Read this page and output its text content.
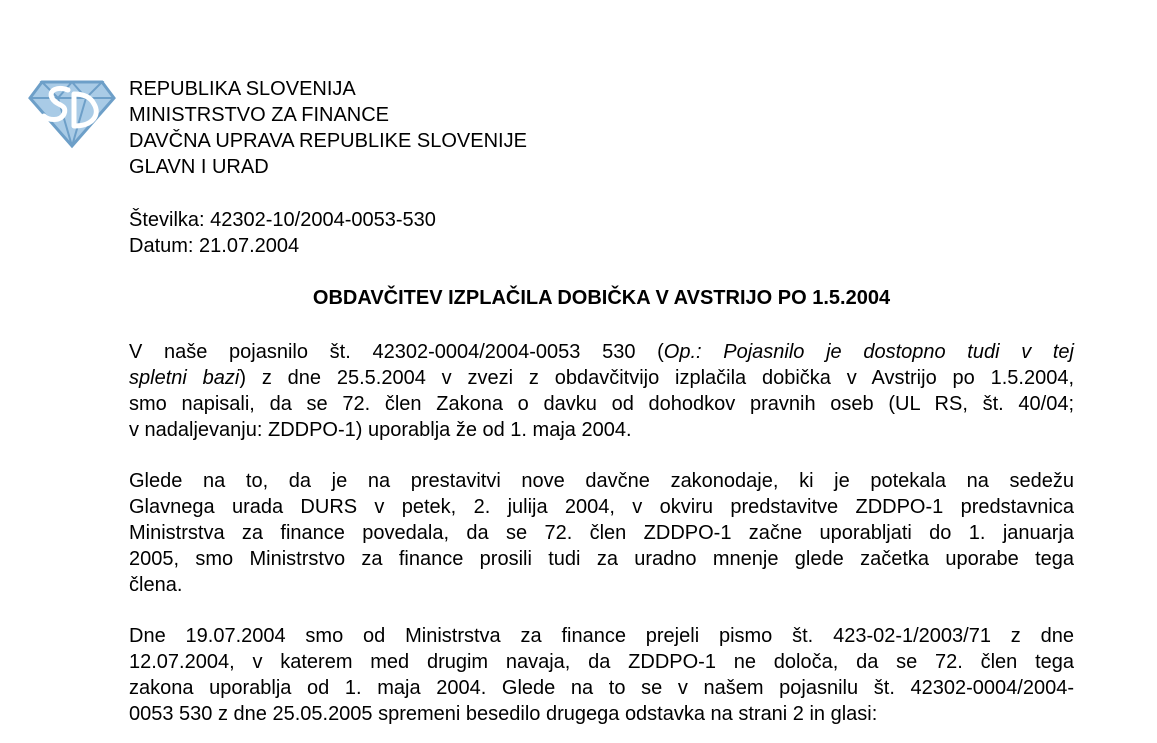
REPUBLIKA SLOVENIJA
MINISTRSTVO ZA FINANCE
DAVČNA UPRAVA REPUBLIKE SLOVENIJE
GLAVN I URAD
Številka: 42302-10/2004-0053-530
Datum: 21.07.2004
OBDAVČITEV IZPLAČILA DOBIČKA V AVSTRIJO PO 1.5.2004
V naše pojasnilo št. 42302-0004/2004-0053 530 (Op.: Pojasnilo je dostopno tudi v tej
spletni bazi) z dne 25.5.2004 v zvezi z obdavčitvijo izplačila dobička v Avstrijo po 1.5.2004,
smo napisali, da se 72. člen Zakona o davku od dohodkov pravnih oseb (UL RS, št. 40/04;
v nadaljevanju: ZDDPO-1) uporablja že od 1. maja 2004.
Glede na to, da je na prestavitvi nove davčne zakonodaje, ki je potekala na sedežu
Glavnega urada DURS v petek, 2. julija 2004, v okviru predstavitve ZDDPO-1 predstavnica
Ministrstva za finance povedala, da se 72. člen ZDDPO-1 začne uporabljati do 1. januarja
2005, smo Ministrstvo za finance prosili tudi za uradno mnenje glede začetka uporabe tega
člena.
Dne 19.07.2004 smo od Ministrstva za finance prejeli pismo št. 423-02-1/2003/71 z dne
12.07.2004, v katerem med drugim navaja, da ZDDPO-1 ne določa, da se 72. člen tega
zakona uporablja od 1. maja 2004. Glede na to se v našem pojasnilu št. 42302-0004/2004-
0053 530 z dne 25.05.2005 spremeni besedilo drugega odstavka na strani 2 in glasi:
